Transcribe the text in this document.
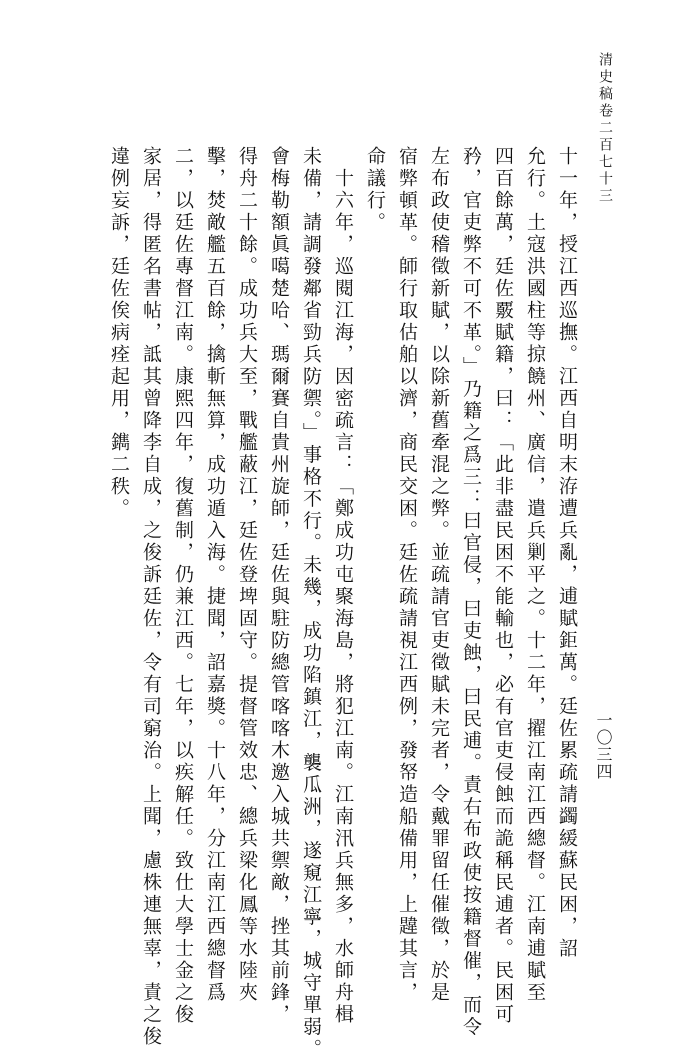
清史稿卷二百七十三
一〇三四
十一年，授江西巡撫。江西自明末洊遭兵亂，逋賦鉅萬。廷佐累疏請蠲緩蘇民困，詔
允行。土寇洪國柱等掠饒州、廣信，遣兵剿平之。十二年，擢江南江西總督。江南逋賦至
四百餘萬，廷佐覈賦籍，曰：「此非盡民困不能輸也，必有官吏侵蝕而詭稱民逋者。民困可
矜，官吏弊不可不革。」乃籍之爲三：曰官侵，曰吏蝕，曰民逋。責右布政使按籍督催，而令
左布政使稽徵新賦，以除新舊牽混之弊。並疏請官吏徵賦未完者，令戴罪留任催徵，於是
宿弊頓革。師行取估舶以濟，商民交困。廷佐疏請視江西例，發帑造船備用，上韙其言，
命議行。
十六年，巡閱江海，因密疏言：「鄭成功屯聚海島，將犯江南。江南汛兵無多，水師舟楫
未備，請調發鄰省勁兵防禦。」事格不行。未幾，成功陷鎮江，襲瓜洲，遂窺江寧，城守單弱。
會梅勒額眞噶楚哈、瑪爾賽自貴州旋師，廷佐與駐防總管喀喀木邀入城共禦敵，挫其前鋒，
得舟二十餘。成功兵大至，戰艦蔽江，廷佐登埤固守。提督管效忠、總兵梁化鳳等水陸夾
擊，焚敵艦五百餘，擒斬無算，成功遁入海。捷聞，詔嘉獎。十八年，分江南江西總督爲
二，以廷佐專督江南。康熙四年，復舊制，仍兼江西。七年，以疾解任。致仕大學士金之俊
家居，得匿名書帖，詆其曾降李自成，之俊訴廷佐，令有司窮治。上聞，慮株連無辜，責之俊
違例妄訴，廷佐俟病痊起用，鐫二秩。
